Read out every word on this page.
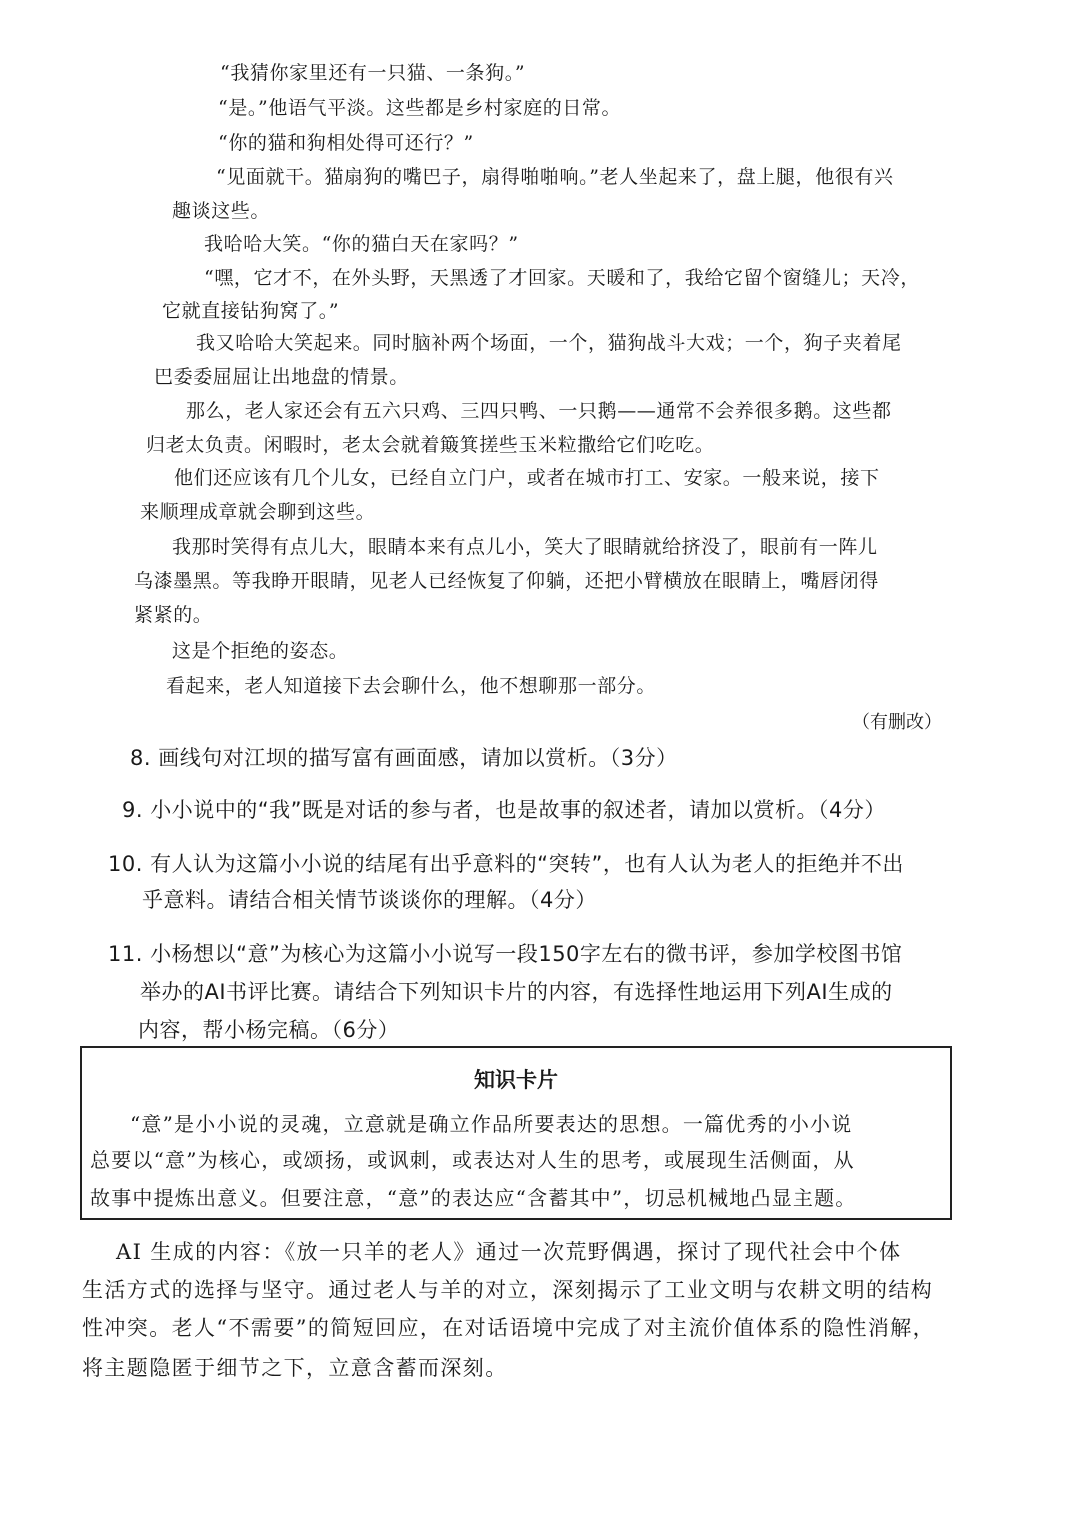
“我猜你家里还有一只猫、一条狗。”
“是。”他语气平淡。这些都是乡村家庭的日常。
“你的猫和狗相处得可还行？”
“见面就干。猫扇狗的嘴巴子，扇得啪啪响。”老人坐起来了，盘上腿，他很有兴
趣谈这些。
我哈哈大笑。“你的猫白天在家吗？”
“嘿，它才不，在外头野，天黑透了才回家。天暖和了，我给它留个窗缝儿；天冷，
它就直接钻狗窝了。”
我又哈哈大笑起来。同时脑补两个场面，一个，猫狗战斗大戏；一个，狗子夹着尾
巴委委屈屈让出地盘的情景。
那么，老人家还会有五六只鸡、三四只鸭、一只鹅——通常不会养很多鹅。这些都
归老太负责。闲暇时，老太会就着簸箕搓些玉米粒撒给它们吃吃。
他们还应该有几个儿女，已经自立门户，或者在城市打工、安家。一般来说，接下
来顺理成章就会聊到这些。
我那时笑得有点儿大，眼睛本来有点儿小，笑大了眼睛就给挤没了，眼前有一阵儿
乌漆墨黑。等我睁开眼睛，见老人已经恢复了仰躺，还把小臂横放在眼睛上，嘴唇闭得
紧紧的。
这是个拒绝的姿态。
看起来，老人知道接下去会聊什么，他不想聊那一部分。
（有删改）
8. 画线句对江坝的描写富有画面感，请加以赏析。（3分）
9. 小小说中的“我”既是对话的参与者，也是故事的叙述者，请加以赏析。（4分）
10. 有人认为这篇小小说的结尾有出乎意料的“突转”，也有人认为老人的拒绝并不出
乎意料。请结合相关情节谈谈你的理解。（4分）
11. 小杨想以“意”为核心为这篇小小说写一段150字左右的微书评，参加学校图书馆
举办的AI书评比赛。请结合下列知识卡片的内容，有选择性地运用下列AI生成的
内容，帮小杨完稿。（6分）
知识卡片
“意”是小小说的灵魂，立意就是确立作品所要表达的思想。一篇优秀的小小说
总要以“意”为核心，或颂扬，或讽刺，或表达对人生的思考，或展现生活侧面，从
故事中提炼出意义。但要注意，“意”的表达应“含蓄其中”，切忌机械地凸显主题。
AI 生成的内容：《放一只羊的老人》通过一次荒野偶遇，探讨了现代社会中个体
生活方式的选择与坚守。通过老人与羊的对立，深刻揭示了工业文明与农耕文明的结构
性冲突。老人“不需要”的简短回应，在对话语境中完成了对主流价值体系的隐性消解，
将主题隐匿于细节之下，立意含蓄而深刻。
